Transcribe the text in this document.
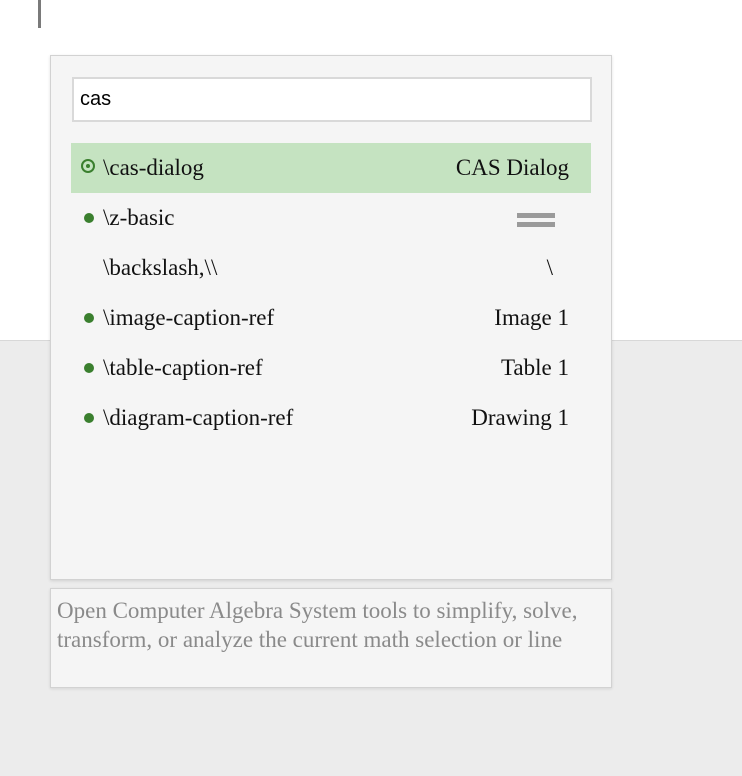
cas
\cas-dialog	CAS Dialog
\z-basic
\backslash,\\	\
\image-caption-ref	Image 1
\table-caption-ref	Table 1
\diagram-caption-ref	Drawing 1
Open Computer Algebra System tools to simplify, solve, transform, or analyze the current math selection or line
